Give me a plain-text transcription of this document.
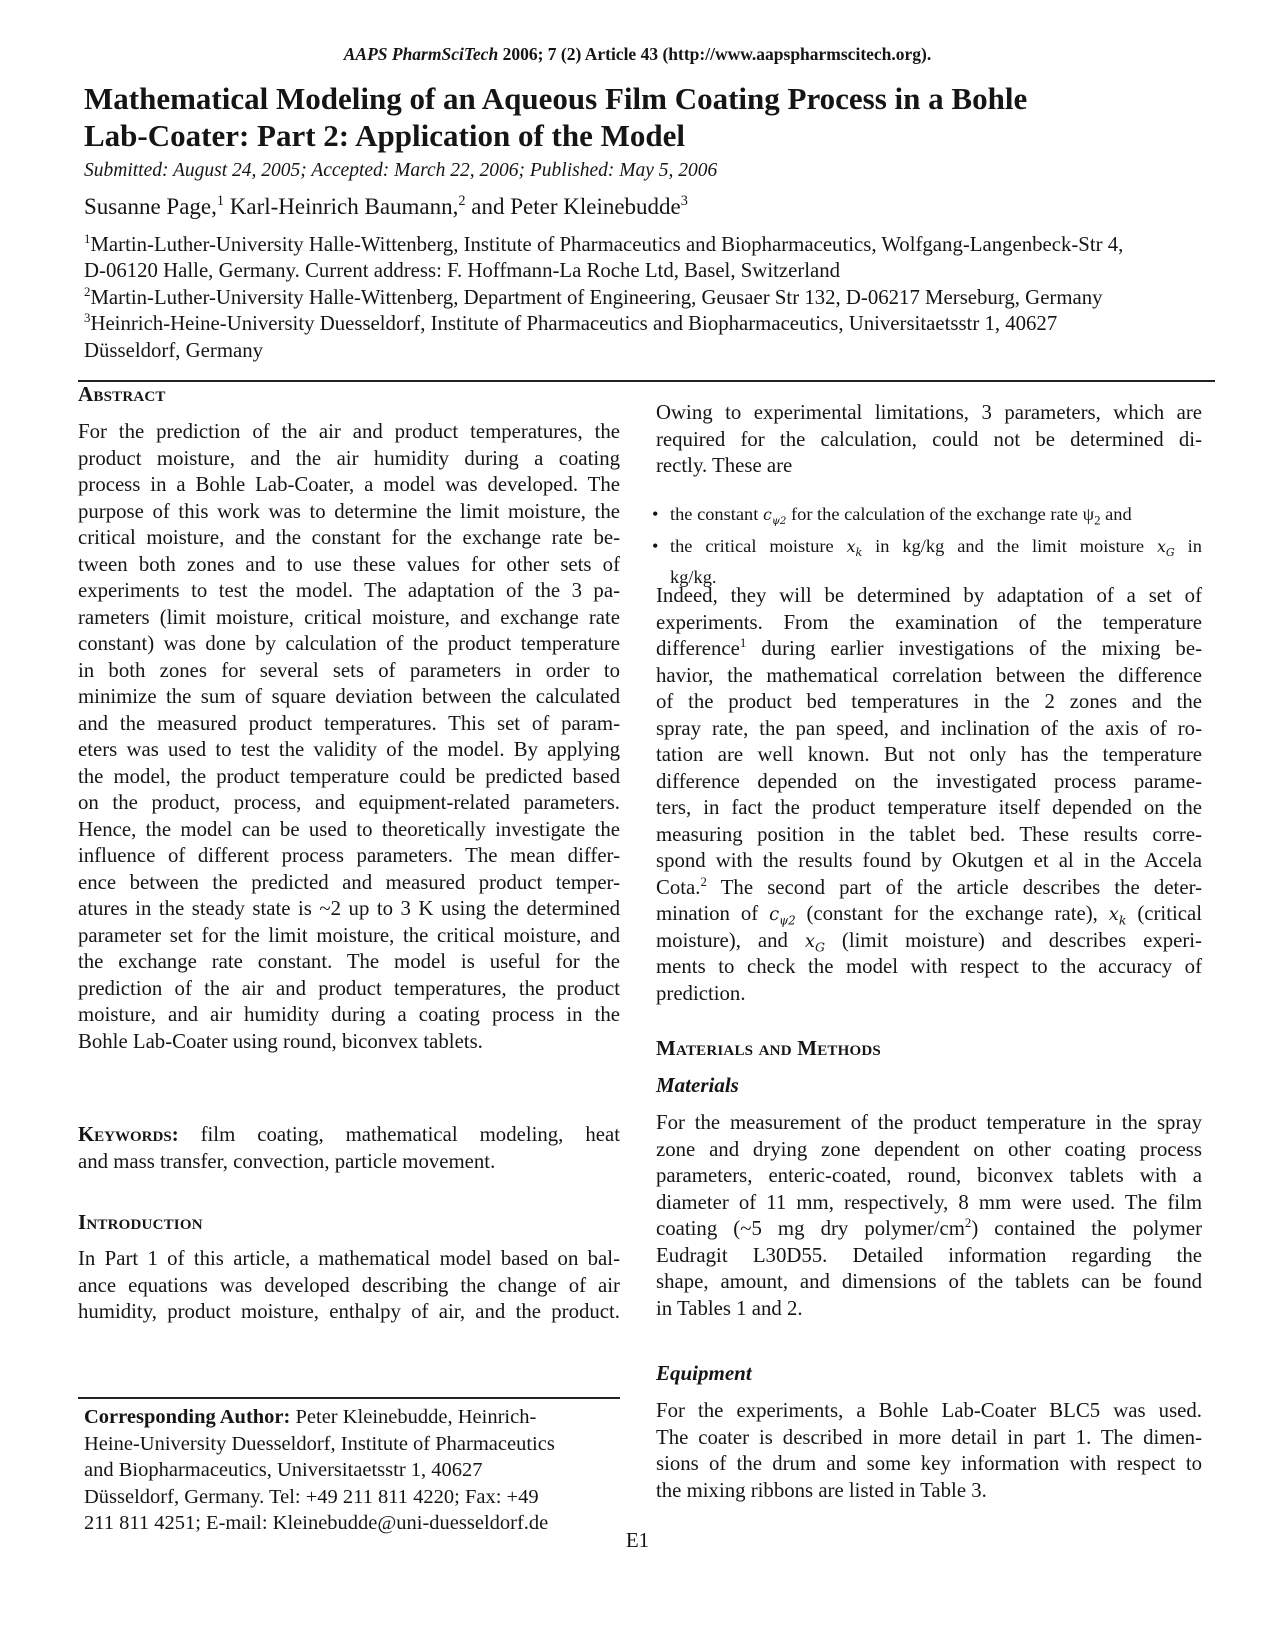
AAPS PharmSciTech 2006; 7 (2) Article 43 (http://www.aapspharmscitech.org).
Mathematical Modeling of an Aqueous Film Coating Process in a Bohle
Lab-Coater: Part 2: Application of the Model
Submitted: August 24, 2005; Accepted: March 22, 2006; Published: May 5, 2006
Susanne Page,$^1$ Karl-Heinrich Baumann,$^2$ and Peter Kleinebudde$^3$
$^1$Martin-Luther-University Halle-Wittenberg, Institute of Pharmaceutics and Biopharmaceutics, Wolfgang-Langenbeck-Str 4,
D-06120 Halle, Germany. Current address: F. Hoffmann-La Roche Ltd, Basel, Switzerland
$^2$Martin-Luther-University Halle-Wittenberg, Department of Engineering, Geusaer Str 132, D-06217 Merseburg, Germany
$^3$Heinrich-Heine-University Duesseldorf, Institute of Pharmaceutics and Biopharmaceutics, Universitaetsstr 1, 40627
Düsseldorf, Germany
Abstract
For the prediction of the air and product temperatures, the
product moisture, and the air humidity during a coating
process in a Bohle Lab-Coater, a model was developed. The
purpose of this work was to determine the limit moisture, the
critical moisture, and the constant for the exchange rate be-
tween both zones and to use these values for other sets of
experiments to test the model. The adaptation of the 3 pa-
rameters (limit moisture, critical moisture, and exchange rate
constant) was done by calculation of the product temperature
in both zones for several sets of parameters in order to
minimize the sum of square deviation between the calculated
and the measured product temperatures. This set of param-
eters was used to test the validity of the model. By applying
the model, the product temperature could be predicted based
on the product, process, and equipment-related parameters.
Hence, the model can be used to theoretically investigate the
influence of different process parameters. The mean differ-
ence between the predicted and measured product temper-
atures in the steady state is ~2 up to 3 K using the determined
parameter set for the limit moisture, the critical moisture, and
the exchange rate constant. The model is useful for the
prediction of the air and product temperatures, the product
moisture, and air humidity during a coating process in the
Bohle Lab-Coater using round, biconvex tablets.
Keywords: film coating, mathematical modeling, heat
and mass transfer, convection, particle movement.
Introduction
In Part 1 of this article, a mathematical model based on bal-
ance equations was developed describing the change of air
humidity, product moisture, enthalpy of air, and the product.
Corresponding Author: Peter Kleinebudde, Heinrich-
Heine-University Duesseldorf, Institute of Pharmaceutics
and Biopharmaceutics, Universitaetsstr 1, 40627
Düsseldorf, Germany. Tel: +49 211 811 4220; Fax: +49
211 811 4251; E-mail: Kleinebudde@uni-duesseldorf.de
Owing to experimental limitations, 3 parameters, which are
required for the calculation, could not be determined di-
rectly. These are
• the constant $c_{\psi 2}$ for the calculation of the exchange rate $\psi_2$ and
• the critical moisture $x_k$ in kg/kg and the limit moisture $x_G$ in
kg/kg.
Indeed, they will be determined by adaptation of a set of
experiments. From the examination of the temperature
difference$^1$ during earlier investigations of the mixing be-
havior, the mathematical correlation between the difference
of the product bed temperatures in the 2 zones and the
spray rate, the pan speed, and inclination of the axis of ro-
tation are well known. But not only has the temperature
difference depended on the investigated process parame-
ters, in fact the product temperature itself depended on the
measuring position in the tablet bed. These results corre-
spond with the results found by Okutgen et al in the Accela
Cota.$^2$ The second part of the article describes the deter-
mination of $c_{\psi 2}$ (constant for the exchange rate), $x_k$ (critical
moisture), and $x_G$ (limit moisture) and describes experi-
ments to check the model with respect to the accuracy of
prediction.
Materials and Methods
Materials
For the measurement of the product temperature in the spray
zone and drying zone dependent on other coating process
parameters, enteric-coated, round, biconvex tablets with a
diameter of 11 mm, respectively, 8 mm were used. The film
coating (~5 mg dry polymer/$cm^2$) contained the polymer
Eudragit L30D55. Detailed information regarding the
shape, amount, and dimensions of the tablets can be found
in Tables 1 and 2.
Equipment
For the experiments, a Bohle Lab-Coater BLC5 was used.
The coater is described in more detail in part 1. The dimen-
sions of the drum and some key information with respect to
the mixing ribbons are listed in Table 3.
E1
